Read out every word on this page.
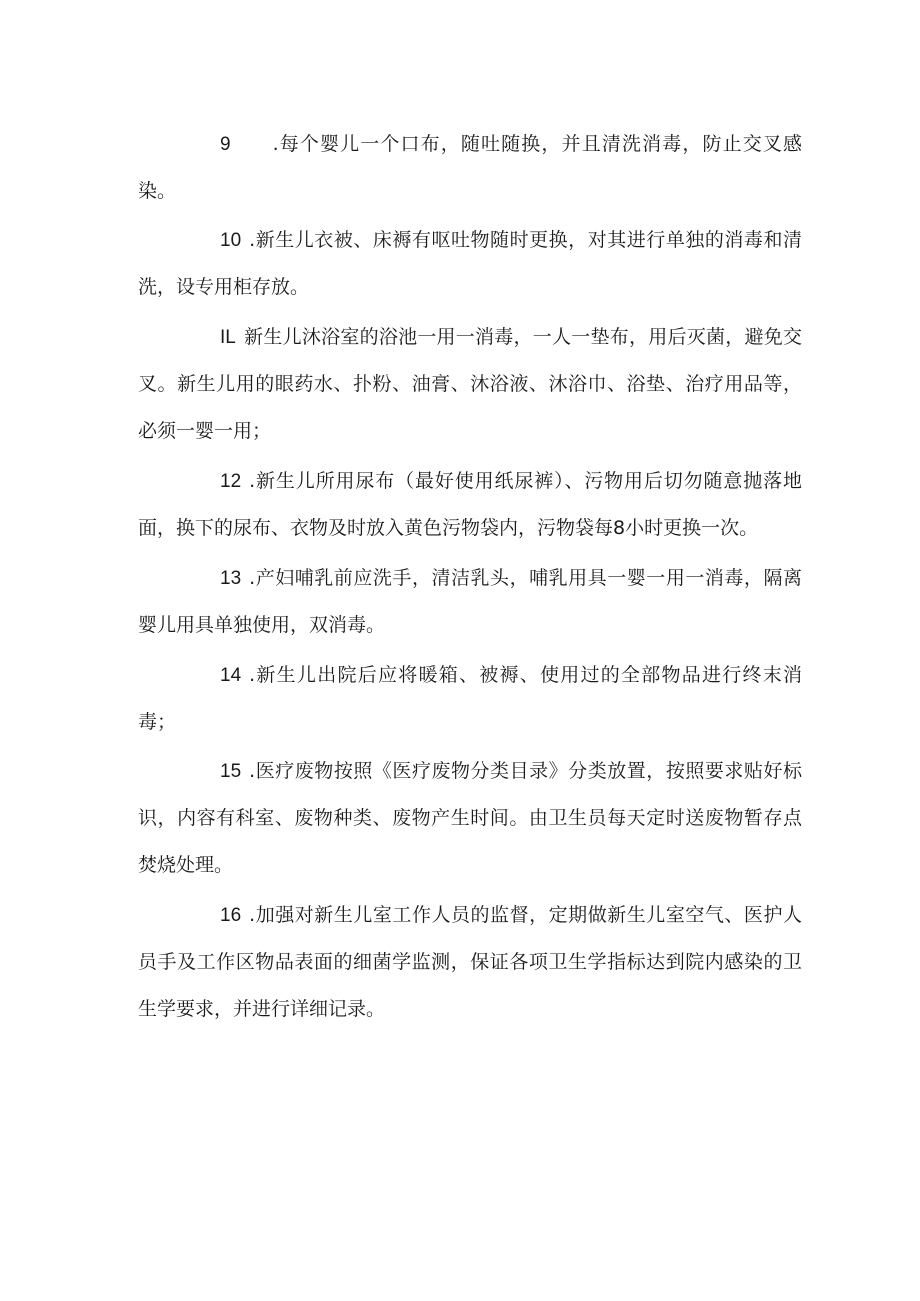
9 .每个婴儿一个口布，随吐随换，并且清洗消毒，防止交叉感染。

10 .新生儿衣被、床褥有呕吐物随时更换，对其进行单独的消毒和清洗，设专用柜存放。

IL 新生儿沐浴室的浴池一用一消毒，一人一垫布，用后灭菌，避免交叉。新生儿用的眼药水、扑粉、油膏、沐浴液、沐浴巾、浴垫、治疗用品等，必须一婴一用；

12 .新生儿所用尿布（最好使用纸尿裤）、污物用后切勿随意抛落地面，换下的尿布、衣物及时放入黄色污物袋内，污物袋每8小时更换一次。

13 .产妇哺乳前应洗手，清洁乳头，哺乳用具一婴一用一消毒，隔离婴儿用具单独使用，双消毒。

14 .新生儿出院后应将暖箱、被褥、使用过的全部物品进行终末消毒；

15 .医疗废物按照《医疗废物分类目录》分类放置，按照要求贴好标识，内容有科室、废物种类、废物产生时间。由卫生员每天定时送废物暂存点焚烧处理。

16 .加强对新生儿室工作人员的监督，定期做新生儿室空气、医护人员手及工作区物品表面的细菌学监测，保证各项卫生学指标达到院内感染的卫生学要求，并进行详细记录。
